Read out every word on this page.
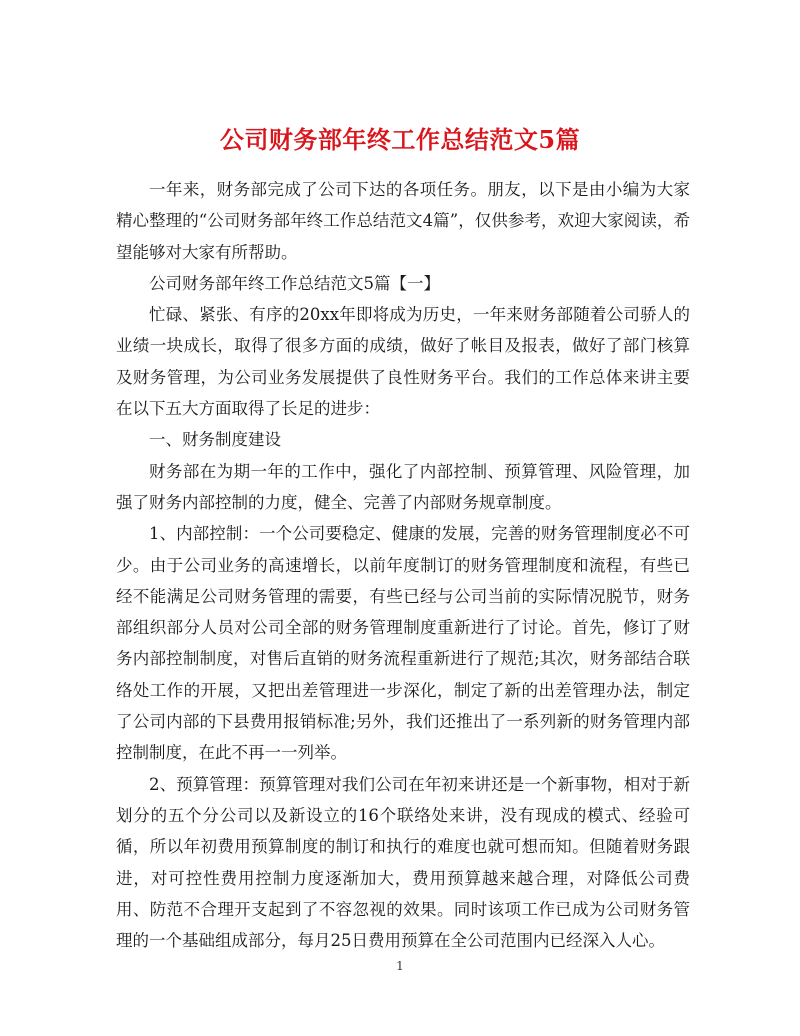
公司财务部年终工作总结范文5篇

一年来，财务部完成了公司下达的各项任务。朋友，以下是由小编为大家精心整理的“公司财务部年终工作总结范文4篇”，仅供参考，欢迎大家阅读，希望能够对大家有所帮助。

公司财务部年终工作总结范文5篇【一】

忙碌、紧张、有序的20xx年即将成为历史，一年来财务部随着公司骄人的业绩一块成长，取得了很多方面的成绩，做好了帐目及报表，做好了部门核算及财务管理，为公司业务发展提供了良性财务平台。我们的工作总体来讲主要在以下五大方面取得了长足的进步：

一、财务制度建设

财务部在为期一年的工作中，强化了内部控制、预算管理、风险管理，加强了财务内部控制的力度，健全、完善了内部财务规章制度。

1、内部控制：一个公司要稳定、健康的发展，完善的财务管理制度必不可少。由于公司业务的高速增长，以前年度制订的财务管理制度和流程，有些已经不能满足公司财务管理的需要，有些已经与公司当前的实际情况脱节，财务部组织部分人员对公司全部的财务管理制度重新进行了讨论。首先，修订了财务内部控制制度，对售后直销的财务流程重新进行了规范;其次，财务部结合联络处工作的开展，又把出差管理进一步深化，制定了新的出差管理办法，制定了公司内部的下县费用报销标准;另外，我们还推出了一系列新的财务管理内部控制制度，在此不再一一列举。

2、预算管理：预算管理对我们公司在年初来讲还是一个新事物，相对于新划分的五个分公司以及新设立的16个联络处来讲，没有现成的模式、经验可循，所以年初费用预算制度的制订和执行的难度也就可想而知。但随着财务跟进，对可控性费用控制力度逐渐加大，费用预算越来越合理，对降低公司费用、防范不合理开支起到了不容忽视的效果。同时该项工作已成为公司财务管理的一个基础组成部分，每月25日费用预算在全公司范围内已经深入人心。

1
